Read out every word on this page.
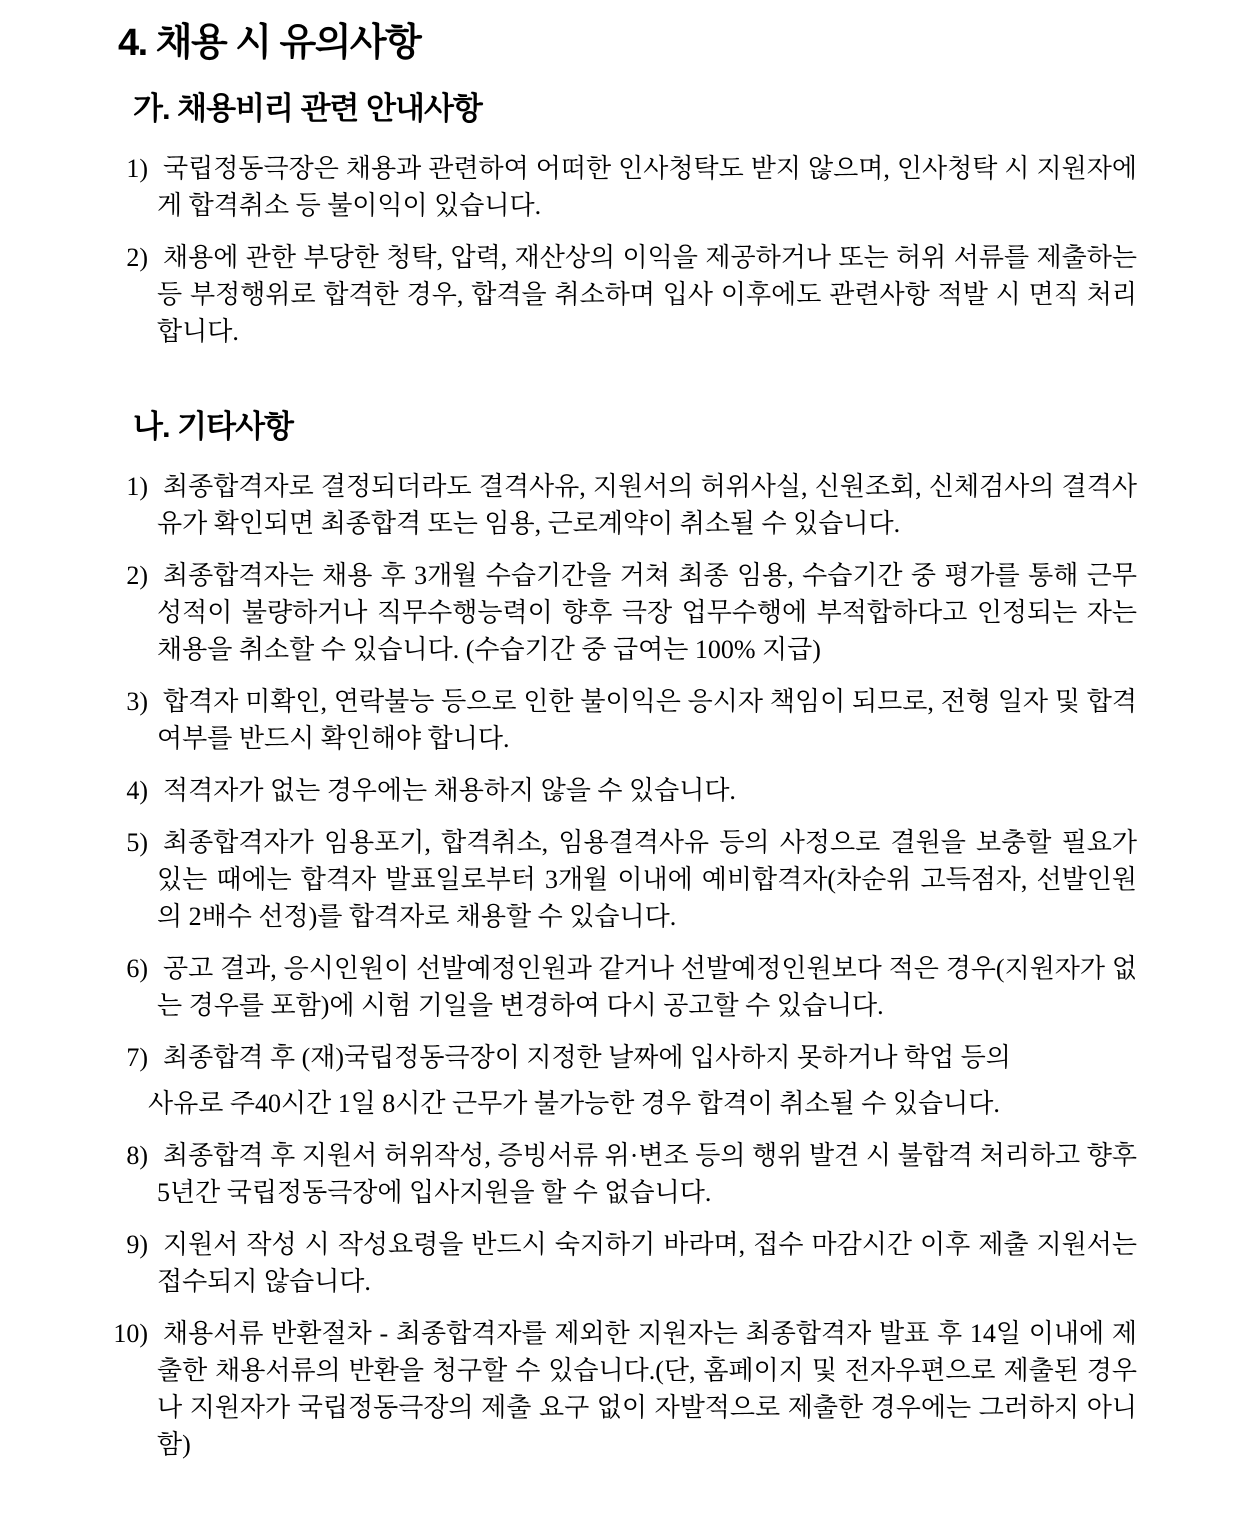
4. 채용 시 유의사항
가. 채용비리 관련 안내사항
1) 국립정동극장은 채용과 관련하여 어떠한 인사청탁도 받지 않으며, 인사청탁 시 지원자에게 합격취소 등 불이익이 있습니다.
2) 채용에 관한 부당한 청탁, 압력, 재산상의 이익을 제공하거나 또는 허위 서류를 제출하는 등 부정행위로 합격한 경우, 합격을 취소하며 입사 이후에도 관련사항 적발 시 면직 처리합니다.
나. 기타사항
1) 최종합격자로 결정되더라도 결격사유, 지원서의 허위사실, 신원조회, 신체검사의 결격사유가 확인되면 최종합격 또는 임용, 근로계약이 취소될 수 있습니다.
2) 최종합격자는 채용 후 3개월 수습기간을 거쳐 최종 임용, 수습기간 중 평가를 통해 근무성적이 불량하거나 직무수행능력이 향후 극장 업무수행에 부적합하다고 인정되는 자는 채용을 취소할 수 있습니다. (수습기간 중 급여는 100% 지급)
3) 합격자 미확인, 연락불능 등으로 인한 불이익은 응시자 책임이 되므로, 전형 일자 및 합격여부를 반드시 확인해야 합니다.
4) 적격자가 없는 경우에는 채용하지 않을 수 있습니다.
5) 최종합격자가 임용포기, 합격취소, 임용결격사유 등의 사정으로 결원을 보충할 필요가 있는 때에는 합격자 발표일로부터 3개월 이내에 예비합격자(차순위 고득점자, 선발인원의 2배수 선정)를 합격자로 채용할 수 있습니다.
6) 공고 결과, 응시인원이 선발예정인원과 같거나 선발예정인원보다 적은 경우(지원자가 없는 경우를 포함)에 시험 기일을 변경하여 다시 공고할 수 있습니다.
7) 최종합격 후 (재)국립정동극장이 지정한 날짜에 입사하지 못하거나 학업 등의
사유로 주40시간 1일 8시간 근무가 불가능한 경우 합격이 취소될 수 있습니다.
8) 최종합격 후 지원서 허위작성, 증빙서류 위·변조 등의 행위 발견 시 불합격 처리하고 향후 5년간 국립정동극장에 입사지원을 할 수 없습니다.
9) 지원서 작성 시 작성요령을 반드시 숙지하기 바라며, 접수 마감시간 이후 제출 지원서는 접수되지 않습니다.
10) 채용서류 반환절차 - 최종합격자를 제외한 지원자는 최종합격자 발표 후 14일 이내에 제출한 채용서류의 반환을 청구할 수 있습니다.(단, 홈페이지 및 전자우편으로 제출된 경우나 지원자가 국립정동극장의 제출 요구 없이 자발적으로 제출한 경우에는 그러하지 아니함)
